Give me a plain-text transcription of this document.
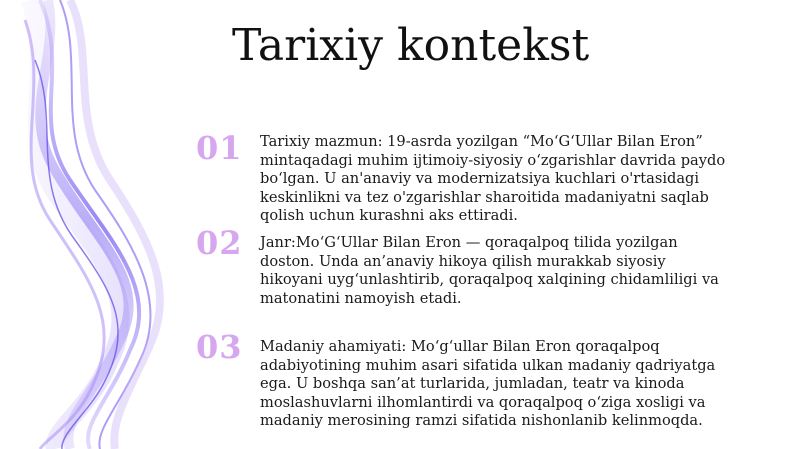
Tarixiy kontekst
01	Tarixiy mazmun: 19-asrda yozilgan “Mo‘G‘Ullar Bilan Eron” mintaqadagi muhim ijtimoiy-siyosiy o‘zgarishlar davrida paydo bo‘lgan. U an'anaviy va modernizatsiya kuchlari o'rtasidagi keskinlikni va tez o'zgarishlar sharoitida madaniyatni saqlab qolish uchun kurashni aks ettiradi.
02	Janr:Mo‘G‘Ullar Bilan Eron — qoraqalpoq tilida yozilgan doston. Unda an’anaviy hikoya qilish murakkab siyosiy hikoyani uyg‘unlashtirib, qoraqalpoq xalqining chidamliligi va matonatini namoyish etadi.
03	Madaniy ahamiyati: Mo‘g‘ullar Bilan Eron qoraqalpoq adabiyotining muhim asari sifatida ulkan madaniy qadriyatga ega. U boshqa san’at turlarida, jumladan, teatr va kinoda moslashuvlarni ilhomlantirdi va qoraqalpoq o‘ziga xosligi va madaniy merosining ramzi sifatida nishonlanib kelinmoqda.
